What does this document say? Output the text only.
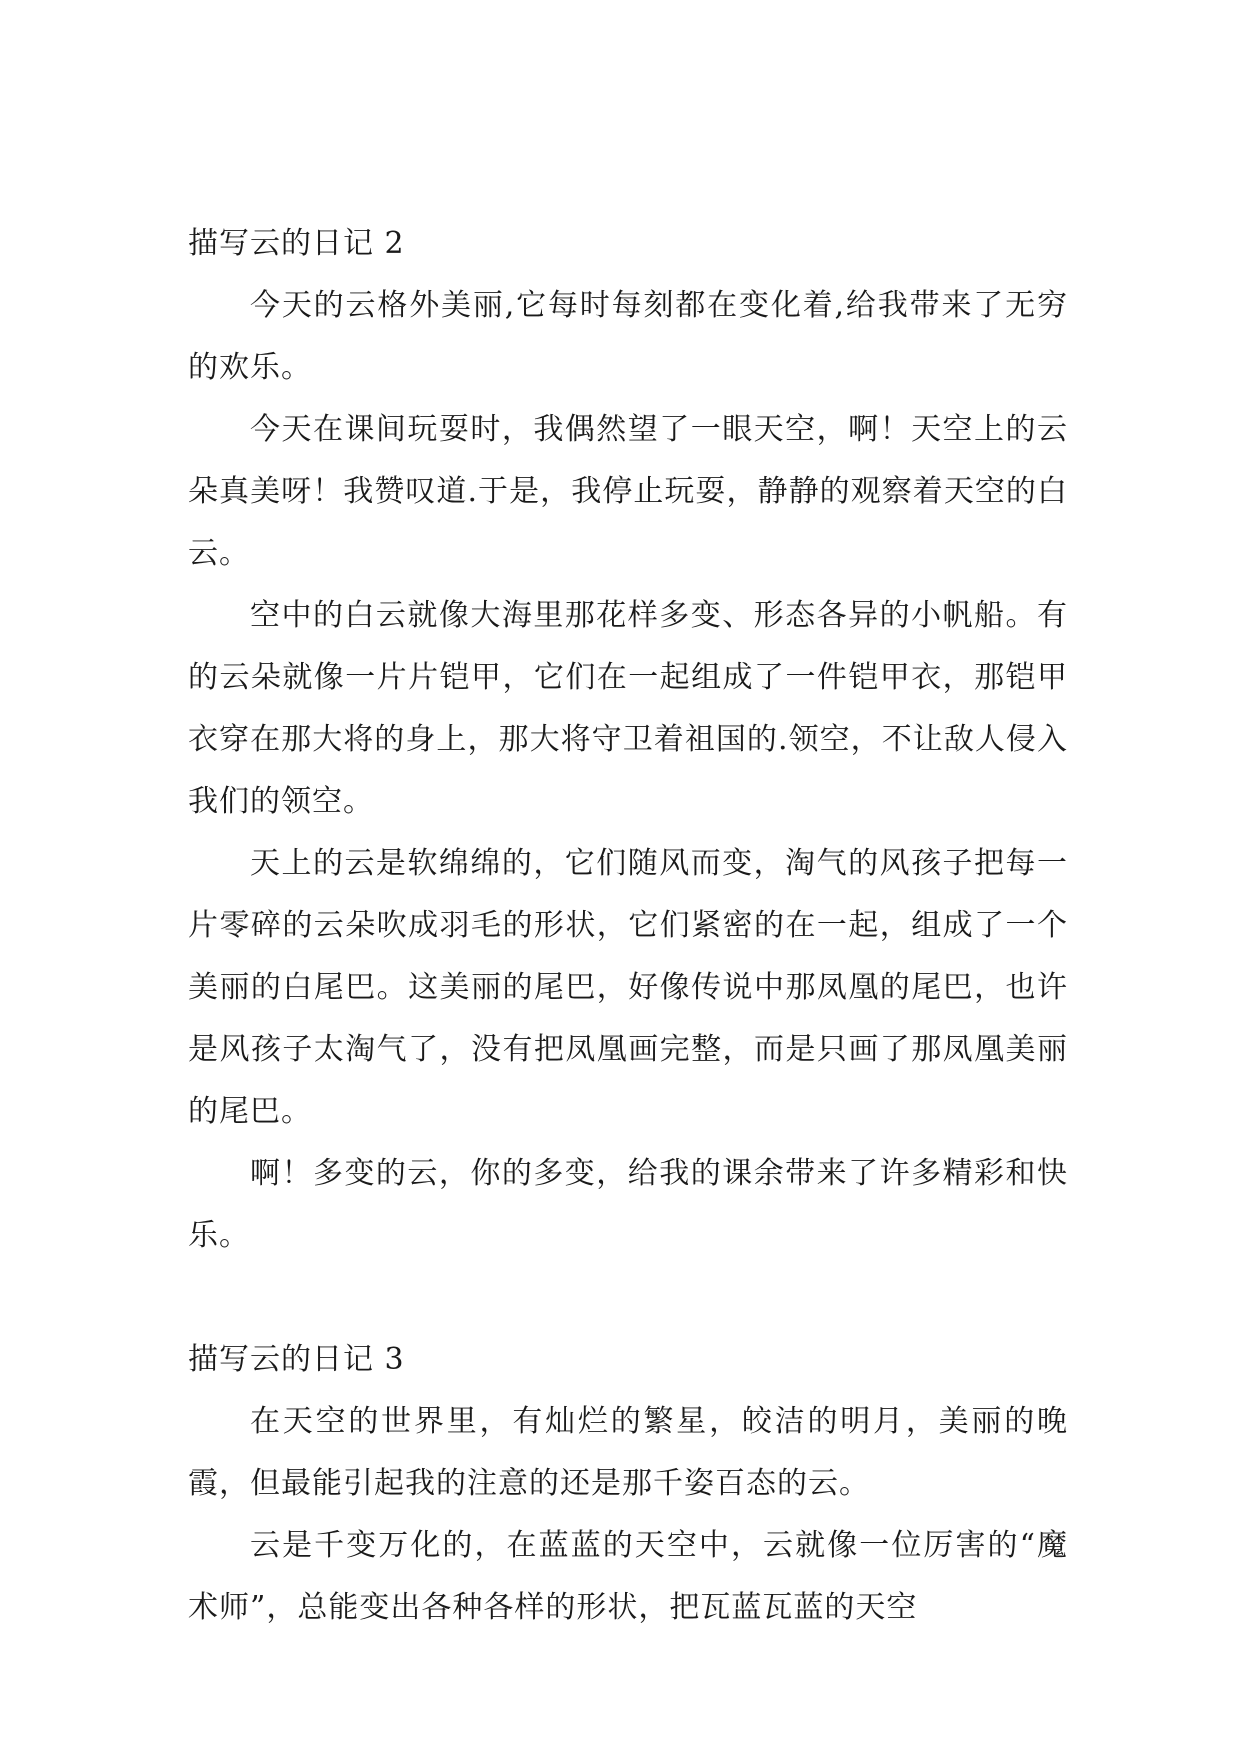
描写云的日记 2

今天的云格外美丽,它每时每刻都在变化着,给我带来了无穷的欢乐。

今天在课间玩耍时，我偶然望了一眼天空，啊！天空上的云朵真美呀！我赞叹道.于是，我停止玩耍，静静的观察着天空的白云。

空中的白云就像大海里那花样多变、形态各异的小帆船。有的云朵就像一片片铠甲，它们在一起组成了一件铠甲衣，那铠甲衣穿在那大将的身上，那大将守卫着祖国的.领空，不让敌人侵入我们的领空。

天上的云是软绵绵的，它们随风而变，淘气的风孩子把每一片零碎的云朵吹成羽毛的形状，它们紧密的在一起，组成了一个美丽的白尾巴。这美丽的尾巴，好像传说中那凤凰的尾巴，也许是风孩子太淘气了，没有把凤凰画完整，而是只画了那凤凰美丽的尾巴。

啊！多变的云，你的多变，给我的课余带来了许多精彩和快乐。

描写云的日记 3

在天空的世界里，有灿烂的繁星，皎洁的明月，美丽的晚霞，但最能引起我的注意的还是那千姿百态的云。

云是千变万化的，在蓝蓝的天空中，云就像一位厉害的“魔术师”，总能变出各种各样的形状，把瓦蓝瓦蓝的天空
